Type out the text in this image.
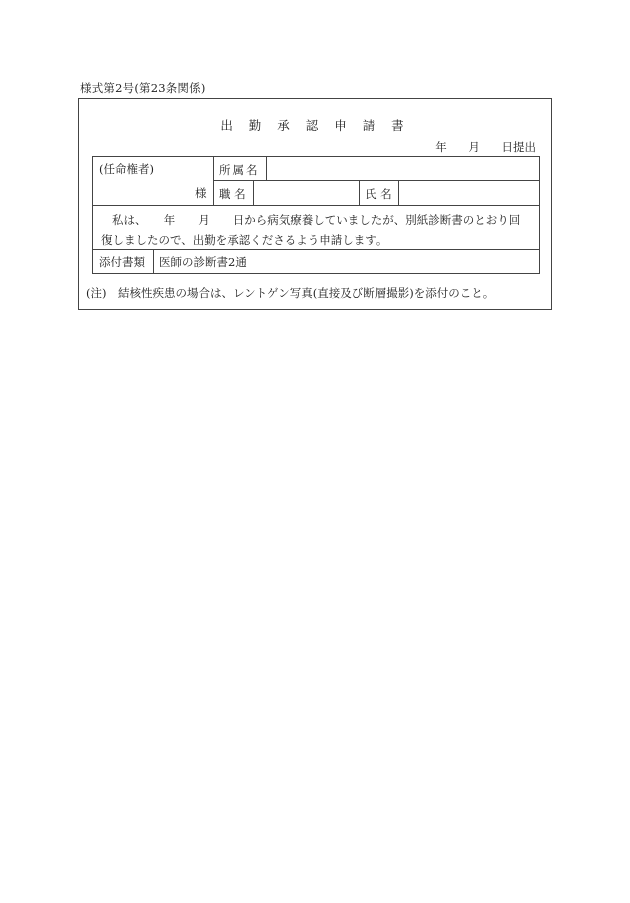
様式第2号(第23条関係)
出 勤 承 認 申 請 書
年 月 日提出
(任命権者)
様
所属名
職 名	氏 名
私は、　　年　　月　　日から病気療養していましたが、別紙診断書のとおり回
復しましたので、出勤を承認くださるよう申請します。
添付書類 医師の診断書2通
(注)　結核性疾患の場合は、レントゲン写真(直接及び断層撮影)を添付のこと。
